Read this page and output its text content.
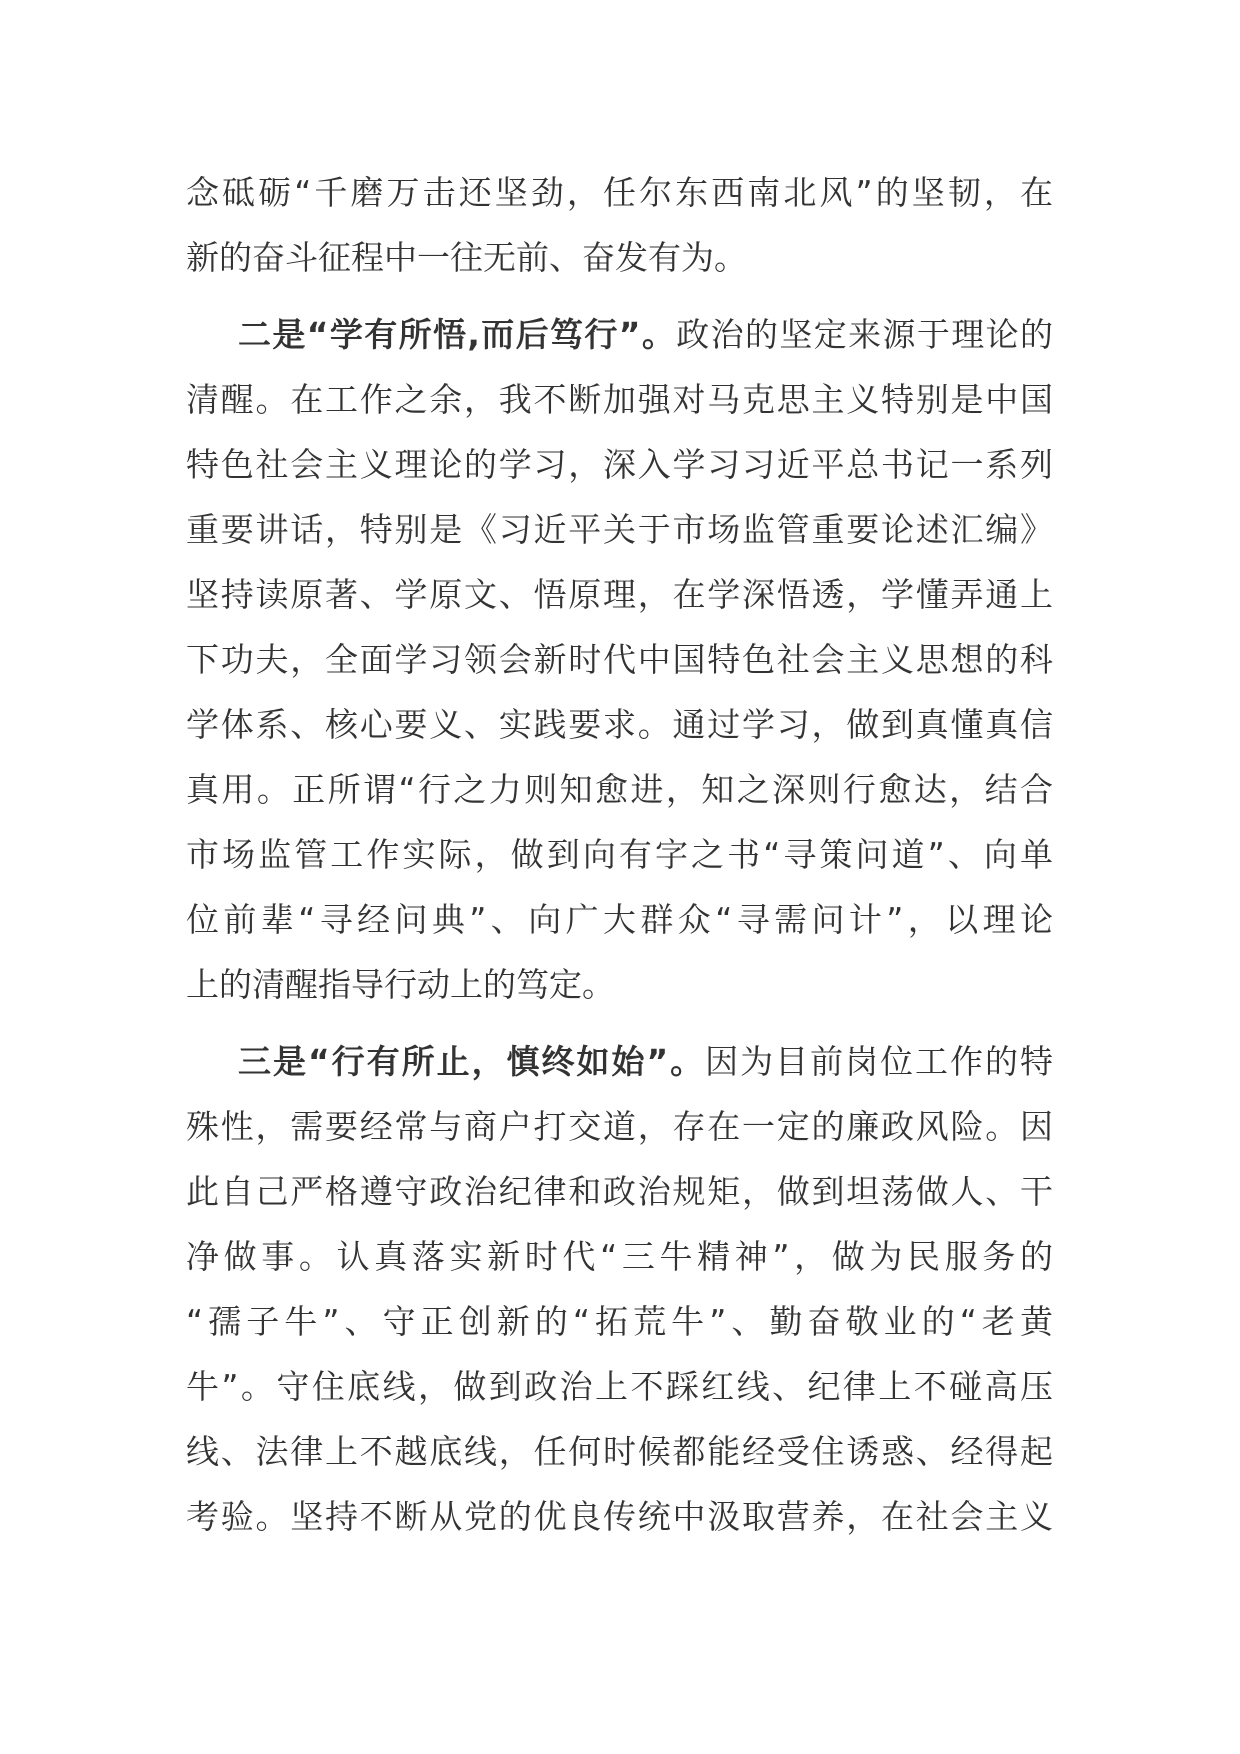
念砥砺“千磨万击还坚劲，任尔东西南北风”的坚韧，在
新的奋斗征程中一往无前、奋发有为。
二是“学有所悟,而后笃行”。政治的坚定来源于理论的
清醒。在工作之余，我不断加强对马克思主义特别是中国
特色社会主义理论的学习，深入学习习近平总书记一系列
重要讲话，特别是《习近平关于市场监管重要论述汇编》
坚持读原著、学原文、悟原理，在学深悟透，学懂弄通上
下功夫，全面学习领会新时代中国特色社会主义思想的科
学体系、核心要义、实践要求。通过学习，做到真懂真信
真用。正所谓“行之力则知愈进，知之深则行愈达，结合
市场监管工作实际，做到向有字之书“寻策问道”、向单
位前辈“寻经问典”、向广大群众“寻需问计”，以理论
上的清醒指导行动上的笃定。
三是“行有所止，慎终如始”。因为目前岗位工作的特
殊性，需要经常与商户打交道，存在一定的廉政风险。因
此自己严格遵守政治纪律和政治规矩，做到坦荡做人、干
净做事。认真落实新时代“三牛精神”，做为民服务的
“孺子牛”、守正创新的“拓荒牛”、勤奋敬业的“老黄
牛”。守住底线，做到政治上不踩红线、纪律上不碰高压
线、法律上不越底线，任何时候都能经受住诱惑、经得起
考验。坚持不断从党的优良传统中汲取营养，在社会主义
